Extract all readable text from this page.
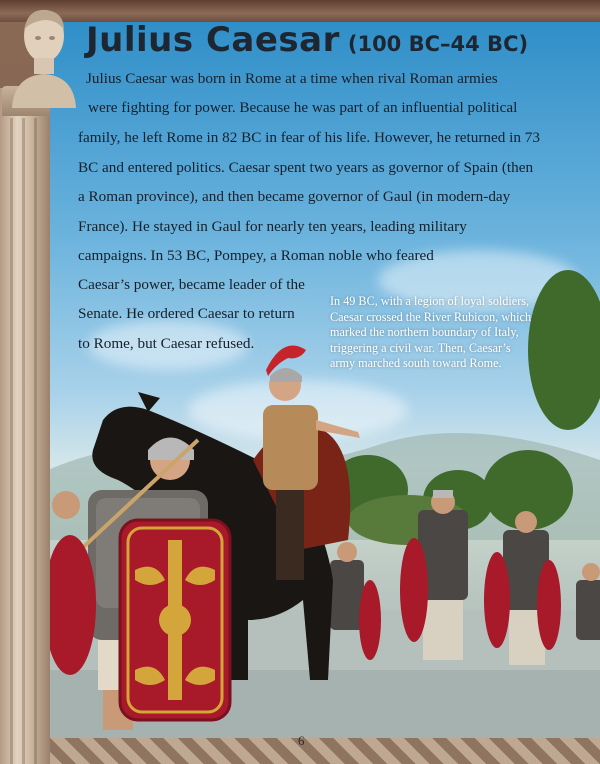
Julius Caesar (100 BC–44 BC)

Julius Caesar was born in Rome at a time when rival Roman armies

were fighting for power. Because he was part of an influential political

family, he left Rome in 82 BC in fear of his life. However, he returned in 73

BC and entered politics. Caesar spent two years as governor of Spain (then

a Roman province), and then became governor of Gaul (in modern-day

France). He stayed in Gaul for nearly ten years, leading military

campaigns. In 53 BC, Pompey, a Roman noble who feared

Caesar’s power, became leader of the

Senate. He ordered Caesar to return

to Rome, but Caesar refused.

In 49 BC, with a legion of loyal soldiers, Caesar crossed the River Rubicon, which marked the northern boundary of Italy, triggering a civil war. Then, Caesar’s army marched south toward Rome.

6
